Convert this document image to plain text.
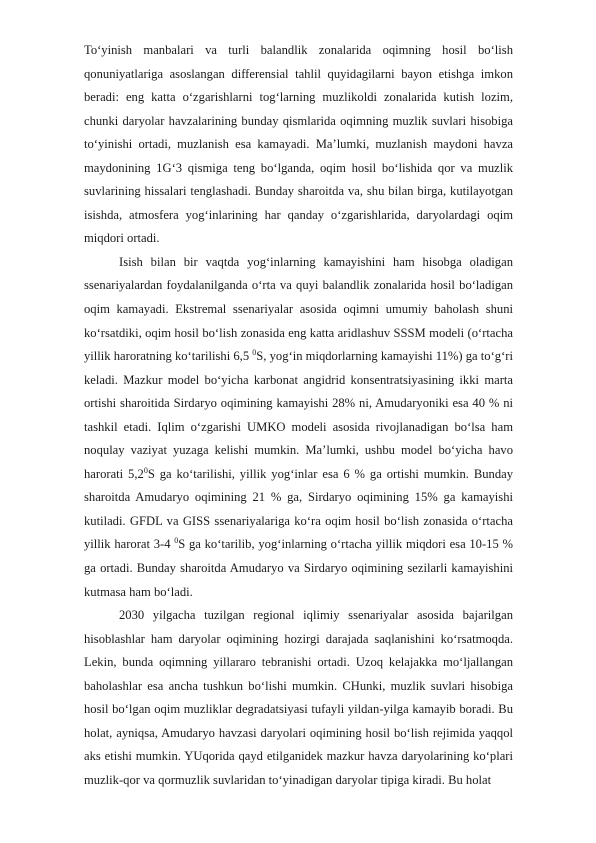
To‘yinish manbalari va turli balandlik zonalarida oqimning hosil bo‘lish qonuniyatlariga asoslangan differensial tahlil quyidagilarni bayon etishga imkon beradi: eng katta o‘zgarishlarni tog‘larning muzlikoldi zonalarida kutish lozim, chunki daryolar havzalarining bunday qismlarida oqimning muzlik suvlari hisobiga to‘yinishi ortadi, muzlanish esa kamayadi. Ma’lumki, muzlanish maydoni havza maydonining 1G‘3 qismiga teng bo‘lganda, oqim hosil bo‘lishida qor va muzlik suvlarining hissalari tenglashadi. Bunday sharoitda va, shu bilan birga, kutilayotgan isishda, atmosfera yog‘inlarining har qanday o‘zgarishlarida, daryolardagi oqim miqdori ortadi.

Isish bilan bir vaqtda yog‘inlarning kamayishini ham hisobga oladigan ssenariyalardan foydalanilganda o‘rta va quyi balandlik zonalarida hosil bo‘ladigan oqim kamayadi. Ekstremal ssenariyalar asosida oqimni umumiy baholash shuni ko‘rsatdiki, oqim hosil bo‘lish zonasida eng katta aridlashuv SSSM modeli (o‘rtacha yillik haroratning ko‘tarilishi 6,5 $^0$S, yog‘in miqdorlarning kamayishi 11%) ga to‘g‘ri keladi. Mazkur model bo‘yicha karbonat angidrid konsentratsiyasining ikki marta ortishi sharoitida Sirdaryo oqimining kamayishi 28% ni, Amudaryoniki esa 40 % ni tashkil etadi. Iqlim o‘zgarishi UMKO modeli asosida rivojlanadigan bo‘lsa ham noqulay vaziyat yuzaga kelishi mumkin. Ma’lumki, ushbu model bo‘yicha havo harorati $5,2^0S$ ga ko‘tarilishi, yillik yog‘inlar esa 6 % ga ortishi mumkin. Bunday sharoitda Amudaryo oqimining 21 % ga, Sirdaryo oqimining 15% ga kamayishi kutiladi. GFDL va GISS ssenariyalariga ko‘ra oqim hosil bo‘lish zonasida o‘rtacha yillik harorat 3-4 $^0$S ga ko‘tarilib, yog‘inlarning o‘rtacha yillik miqdori esa 10-15 % ga ortadi. Bunday sharoitda Amudaryo va Sirdaryo oqimining sezilarli kamayishini kutmasa ham bo‘ladi.

2030 yilgacha tuzilgan regional iqlimiy ssenariyalar asosida bajarilgan hisoblashlar ham daryolar oqimining hozirgi darajada saqlanishini ko‘rsatmoqda. Lekin, bunda oqimning yillararo tebranishi ortadi. Uzoq kelajakka mo‘ljallangan baholashlar esa ancha tushkun bo‘lishi mumkin. CHunki, muzlik suvlari hisobiga hosil bo‘lgan oqim muzliklar degradatsiyasi tufayli yildan-yilga kamayib boradi. Bu holat, ayniqsa, Amudaryo havzasi daryolari oqimining hosil bo‘lish rejimida yaqqol aks etishi mumkin. YUqorida qayd etilganidek mazkur havza daryolarining ko‘plari muzlik-qor va qormuzlik suvlaridan to‘yinadigan daryolar tipiga kiradi. Bu holat
